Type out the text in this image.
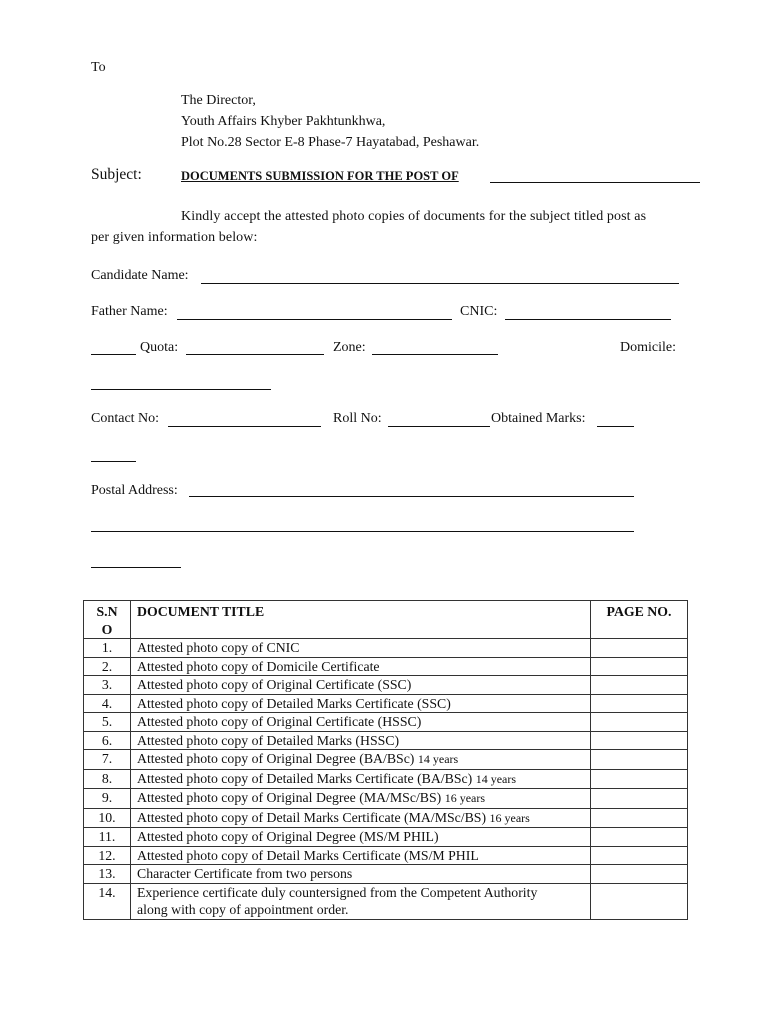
To
The Director,
Youth Affairs Khyber Pakhtunkhwa,
Plot No.28 Sector E-8 Phase-7 Hayatabad, Peshawar.
Subject:	DOCUMENTS SUBMISSION FOR THE POST OF
Kindly accept the attested photo copies of documents for the subject titled post as
per given information below:
Candidate Name:
Father Name:	CNIC:
Quota:	Zone:	Domicile:
Contact No:	Roll No:	Obtained Marks:
Postal Address:
S.N
O	DOCUMENT TITLE	PAGE NO.
1.	Attested photo copy of CNIC	
2.	Attested photo copy of Domicile Certificate	
3.	Attested photo copy of Original Certificate (SSC)	
4.	Attested photo copy of Detailed Marks Certificate (SSC)	
5.	Attested photo copy of Original Certificate (HSSC)	
6.	Attested photo copy of Detailed Marks (HSSC)	
7.	Attested photo copy of Original Degree (BA/BSc) 14 years	
8.	Attested photo copy of Detailed Marks Certificate (BA/BSc) 14 years	
9.	Attested photo copy of Original Degree (MA/MSc/BS) 16 years	
10.	Attested photo copy of Detail Marks Certificate (MA/MSc/BS) 16 years	
11.	Attested photo copy of Original Degree (MS/M PHIL)	
12.	Attested photo copy of Detail Marks Certificate (MS/M PHIL	
13.	Character Certificate from two persons	
14.	Experience certificate duly countersigned from the Competent Authority
along with copy of appointment order.	
